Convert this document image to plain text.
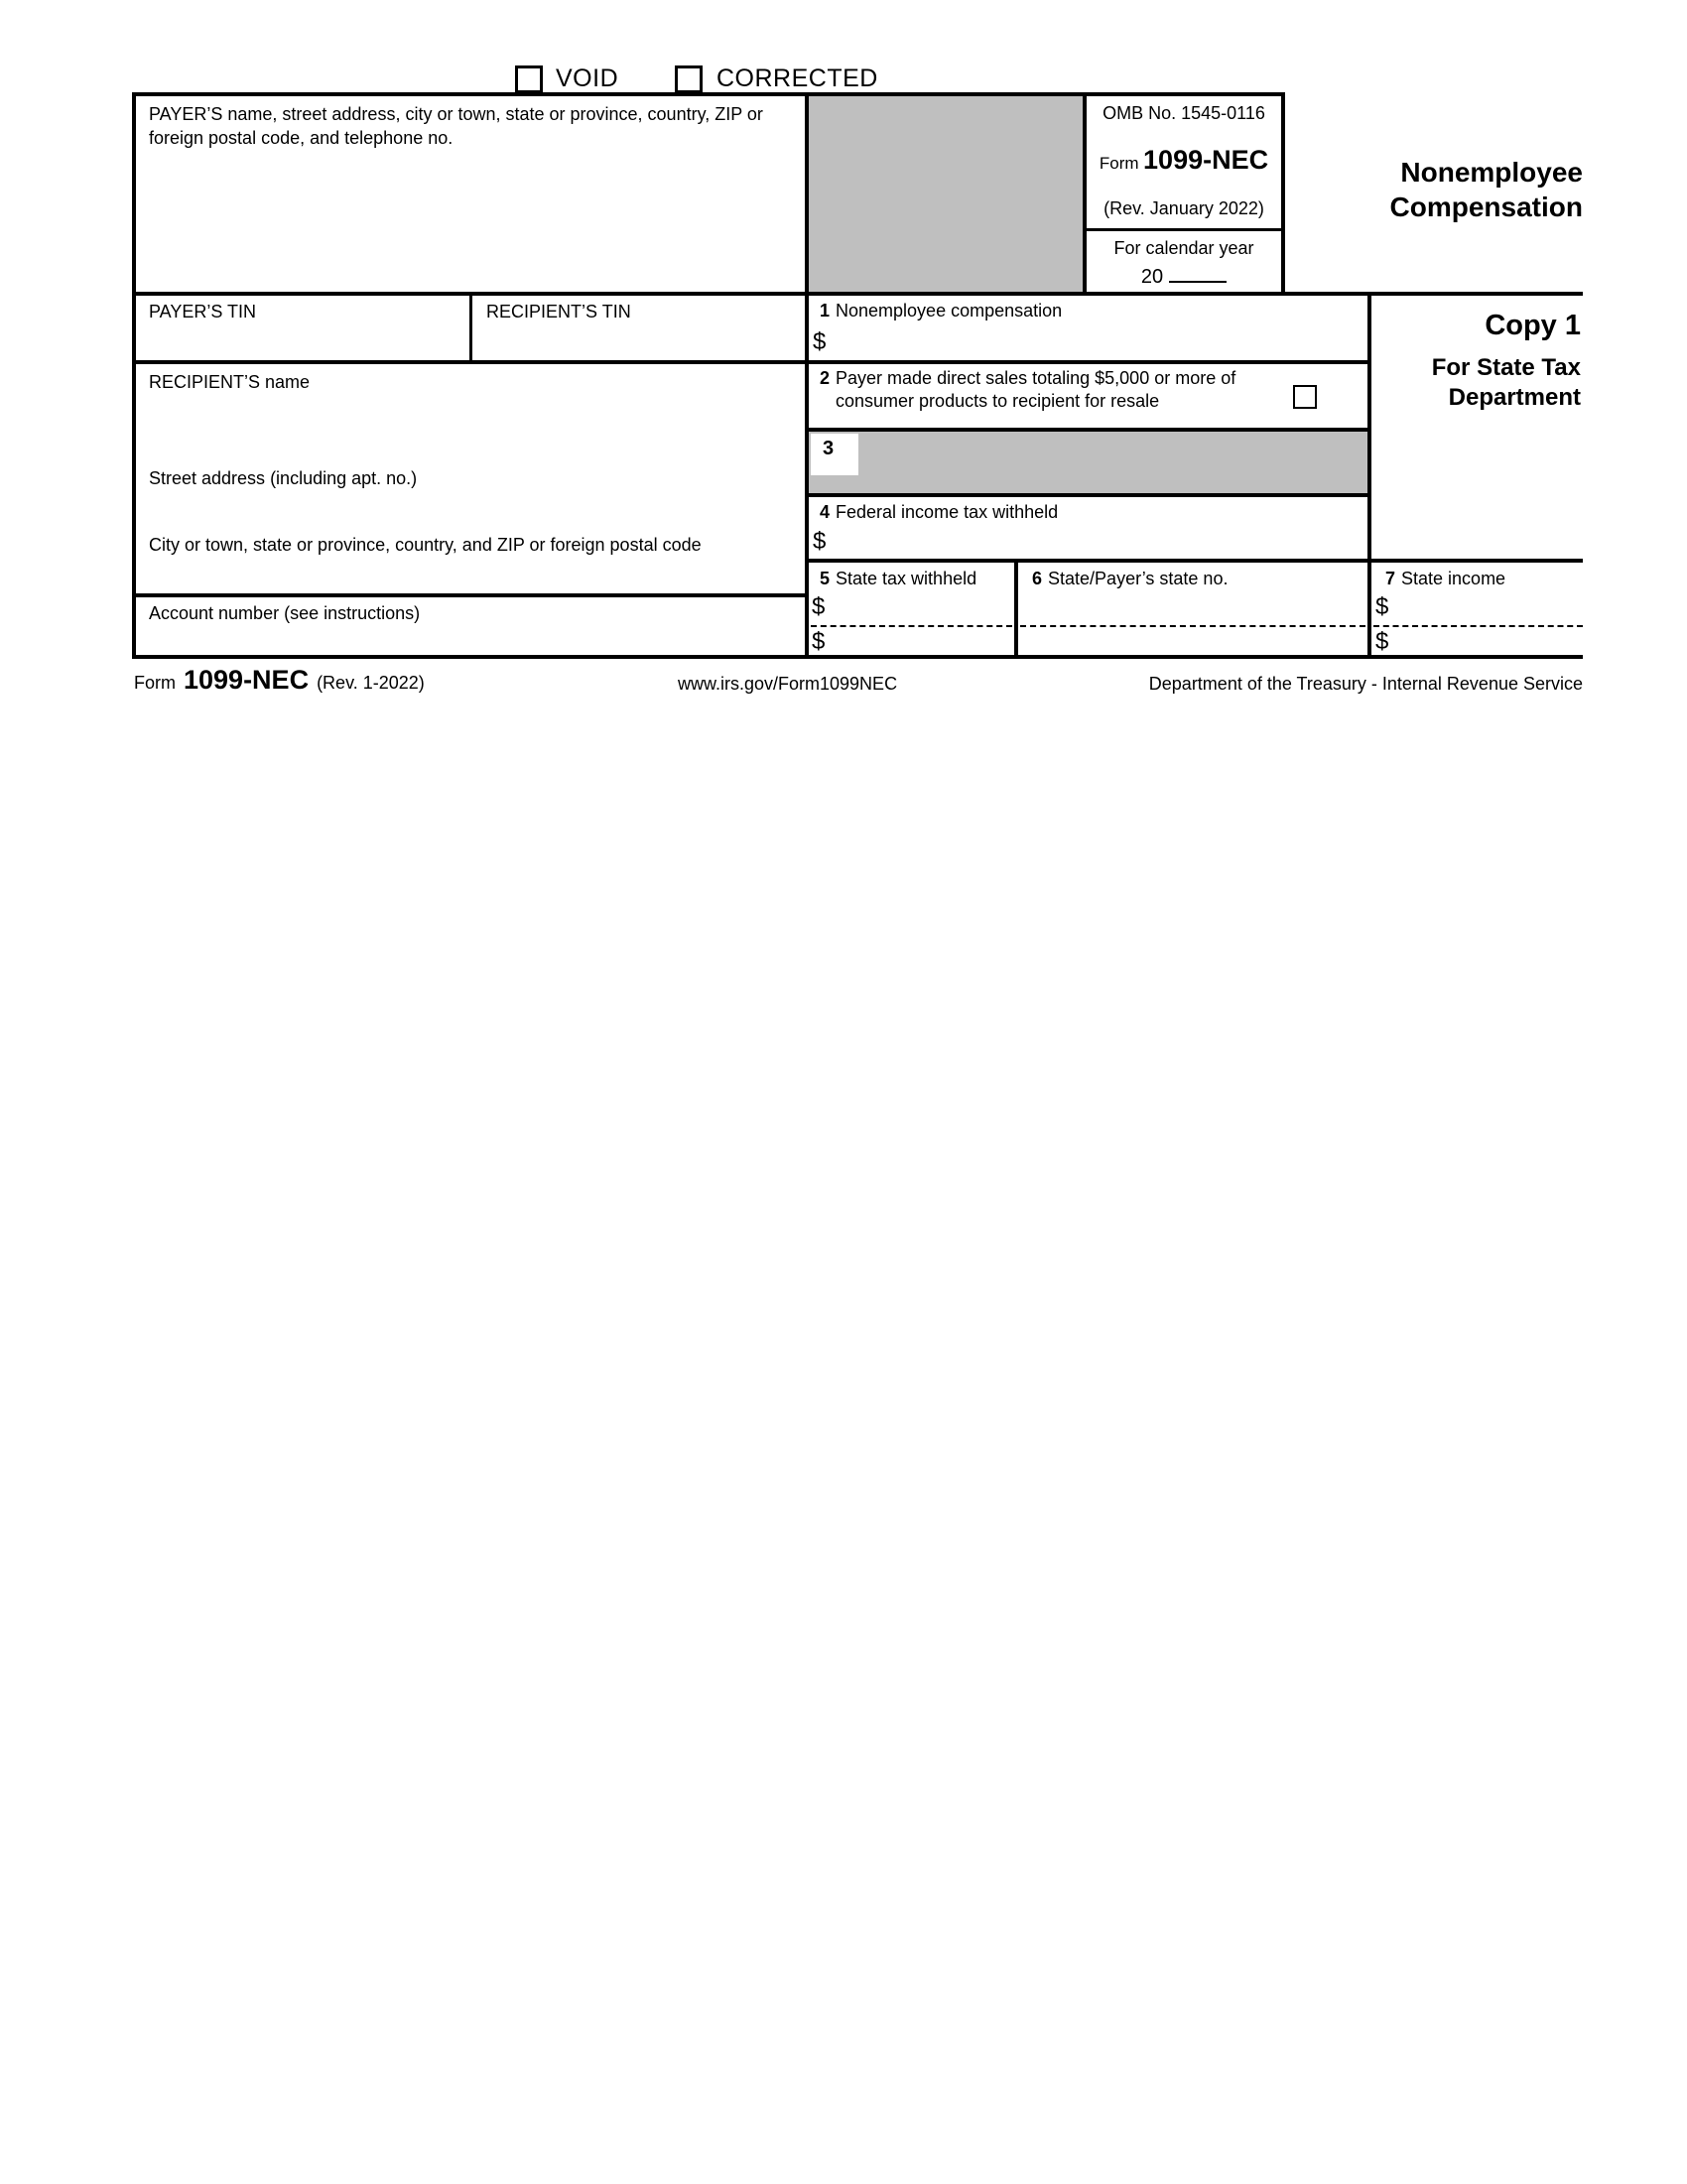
VOID	CORRECTED
3
PAYER’S name, street address, city or town, state or province, country, ZIP or foreign postal code, and telephone no.
OMB No. 1545-0116
Form 1099-NEC
(Rev. January 2022)
For calendar year
20
Nonemployee
Compensation
PAYER’S TIN	RECIPIENT’S TIN	1 Nonemployee compensation
$
Copy 1
For State Tax
Department
RECIPIENT’S name
Street address (including apt. no.)
City or town, state or province, country, and ZIP or foreign postal code
2 Payer made direct sales totaling $5,000 or more of
consumer products to recipient for resale
4 Federal income tax withheld
$
5 State tax withheld
$
$
6 State/Payer’s state no.	7 State income
$
$
Account number (see instructions)
Form 1099-NEC (Rev. 1-2022)	www.irs.gov/Form1099NEC	Department of the Treasury - Internal Revenue Service
